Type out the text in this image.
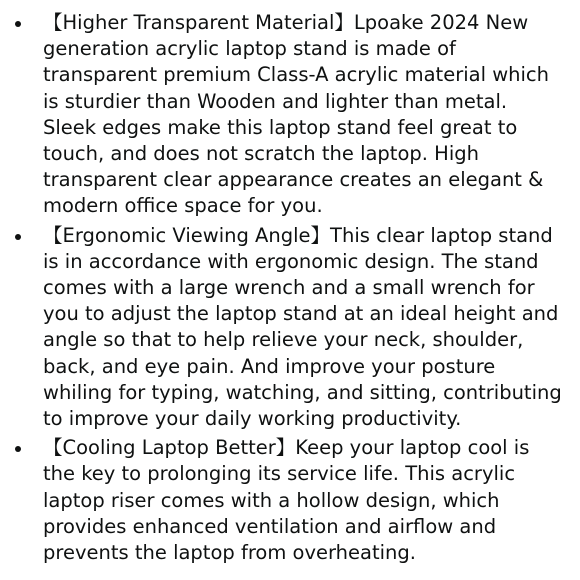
【Higher Transparent Material】Lpoake 2024 New generation acrylic laptop stand is made of transparent premium Class-A acrylic material which is sturdier than Wooden and lighter than metal. Sleek edges make this laptop stand feel great to touch, and does not scratch the laptop. High transparent clear appearance creates an elegant & modern office space for you.
【Ergonomic Viewing Angle】This clear laptop stand is in accordance with ergonomic design. The stand comes with a large wrench and a small wrench for you to adjust the laptop stand at an ideal height and angle so that to help relieve your neck, shoulder, back, and eye pain. And improve your posture whiling for typing, watching, and sitting, contributing to improve your daily working productivity.
【Cooling Laptop Better】Keep your laptop cool is the key to prolonging its service life. This acrylic laptop riser comes with a hollow design, which provides enhanced ventilation and airflow and prevents the laptop from overheating.
